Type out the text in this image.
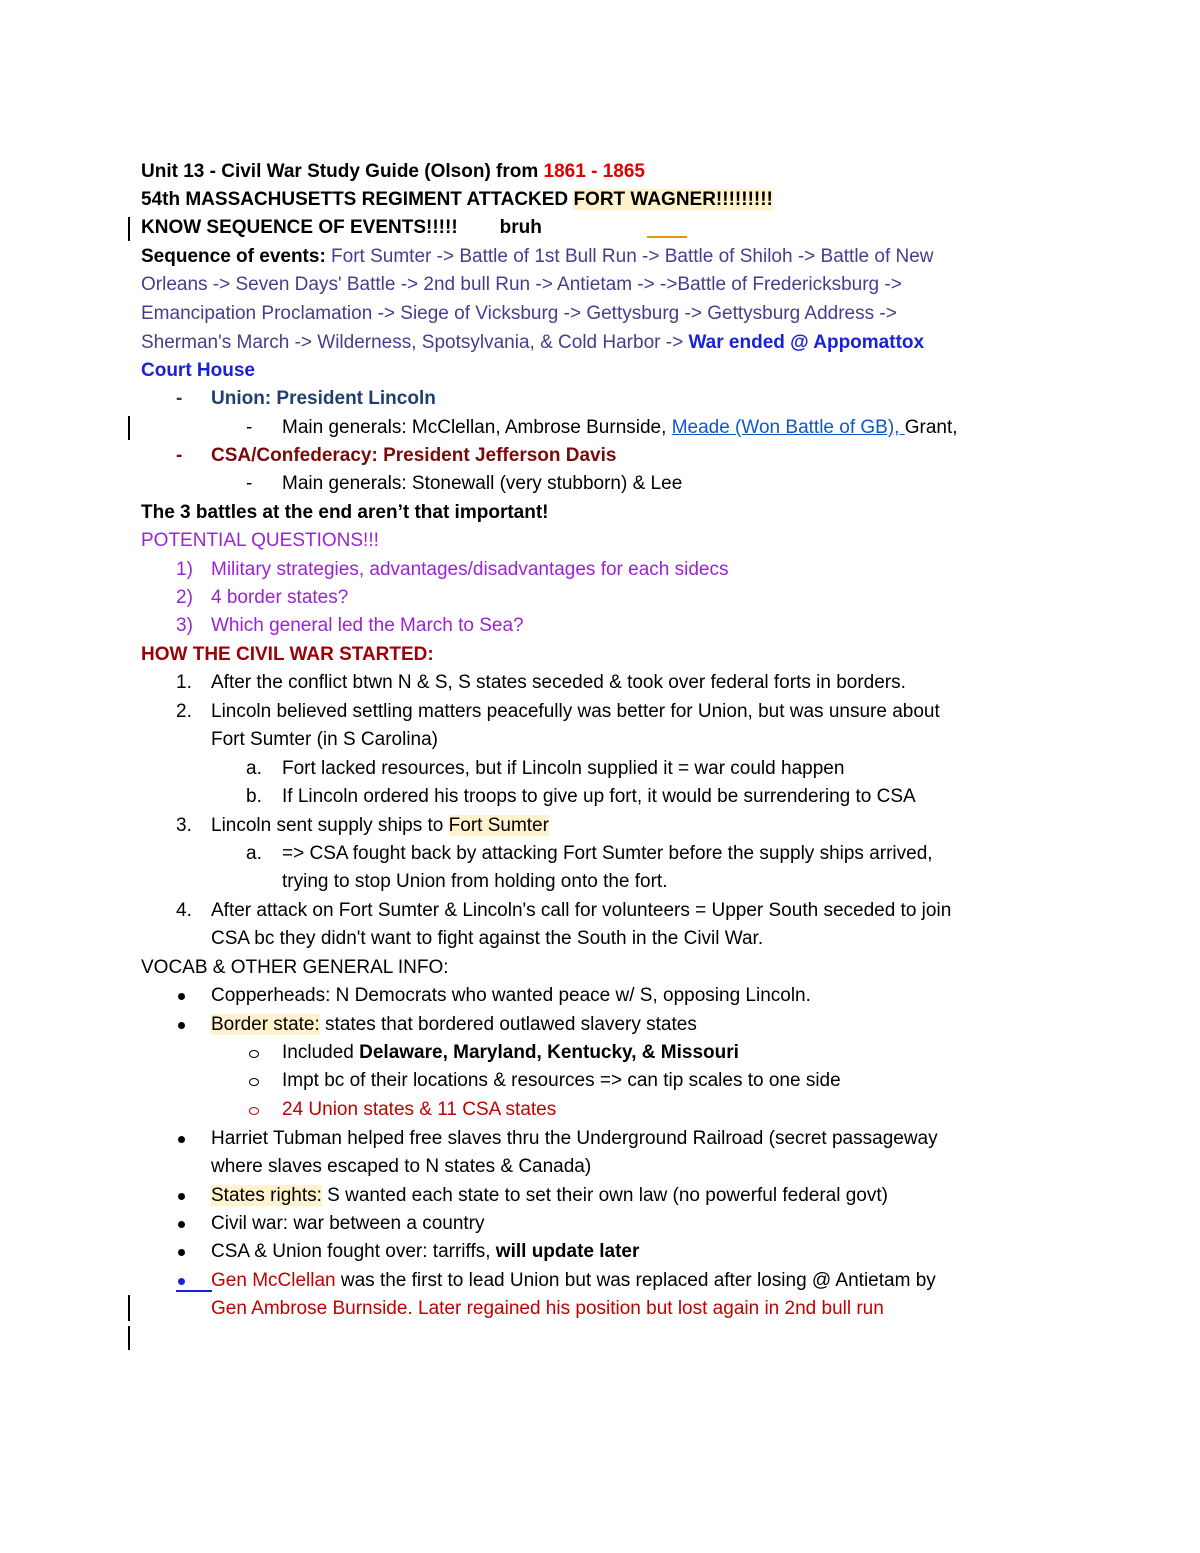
Unit 13 - Civil War Study Guide (Olson) from 1861 - 1865
54th MASSACHUSETTS REGIMENT ATTACKED FORT WAGNER!!!!!!!!!
KNOW SEQUENCE OF EVENTS!!!!! bruh
Sequence of events: Fort Sumter -> Battle of 1st Bull Run -> Battle of Shiloh -> Battle of New
Orleans -> Seven Days' Battle -> 2nd bull Run -> Antietam -> ->Battle of Fredericksburg ->
Emancipation Proclamation -> Siege of Vicksburg -> Gettysburg -> Gettysburg Address ->
Sherman's March -> Wilderness, Spotsylvania, & Cold Harbor -> War ended @ Appomattox
Court House
- Union: President Lincoln
- Main generals: McClellan, Ambrose Burnside, Meade (Won Battle of GB), Grant,
- CSA/Confederacy: President Jefferson Davis
- Main generals: Stonewall (very stubborn) & Lee
The 3 battles at the end aren’t that important!
POTENTIAL QUESTIONS!!!
1) Military strategies, advantages/disadvantages for each sidecs
2) 4 border states?
3) Which general led the March to Sea?
HOW THE CIVIL WAR STARTED:
1. After the conflict btwn N & S, S states seceded & took over federal forts in borders.
2. Lincoln believed settling matters peacefully was better for Union, but was unsure about
Fort Sumter (in S Carolina)
a. Fort lacked resources, but if Lincoln supplied it = war could happen
b. If Lincoln ordered his troops to give up fort, it would be surrendering to CSA
3. Lincoln sent supply ships to Fort Sumter
a. => CSA fought back by attacking Fort Sumter before the supply ships arrived,
trying to stop Union from holding onto the fort.
4. After attack on Fort Sumter & Lincoln's call for volunteers = Upper South seceded to join
CSA bc they didn't want to fight against the South in the Civil War.
VOCAB & OTHER GENERAL INFO:
Copperheads: N Democrats who wanted peace w/ S, opposing Lincoln.
Border state: states that bordered outlawed slavery states
Included Delaware, Maryland, Kentucky, & Missouri
Impt bc of their locations & resources => can tip scales to one side
24 Union states & 11 CSA states
Harriet Tubman helped free slaves thru the Underground Railroad (secret passageway
where slaves escaped to N states & Canada)
States rights: S wanted each state to set their own law (no powerful federal govt)
Civil war: war between a country
CSA & Union fought over: tarriffs, will update later
Gen McClellan was the first to lead Union but was replaced after losing @ Antietam by
Gen Ambrose Burnside. Later regained his position but lost again in 2nd bull run
